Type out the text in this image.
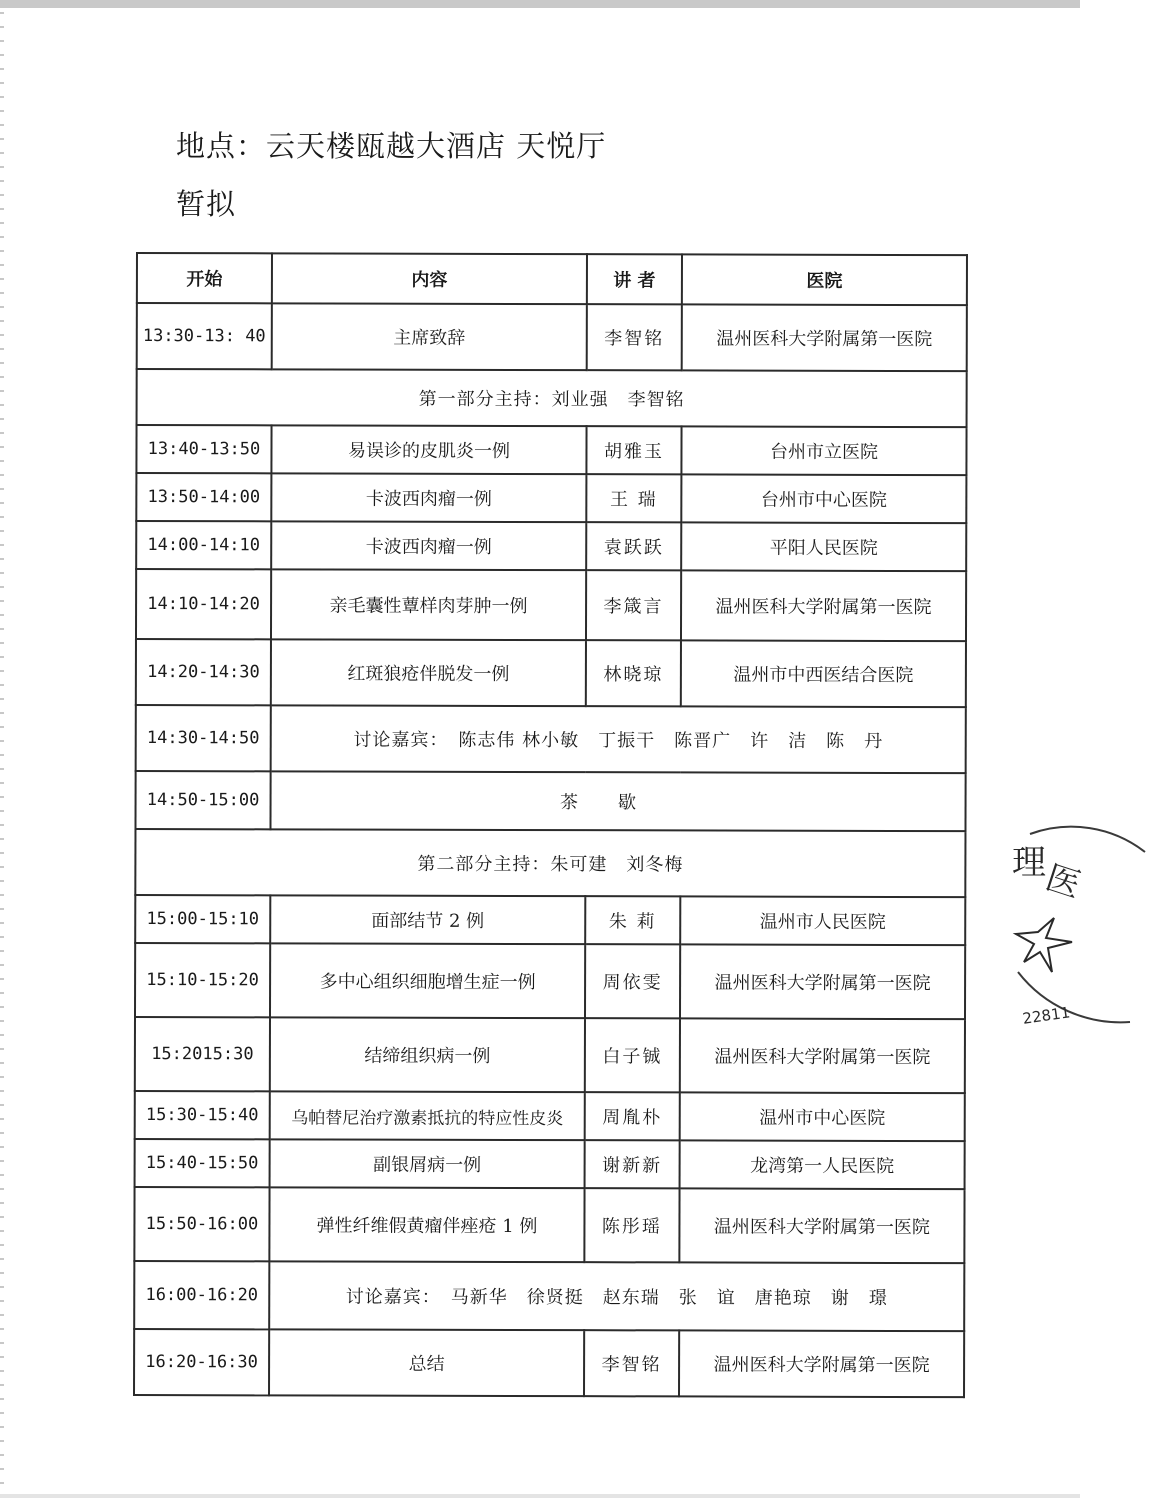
地点：云天楼瓯越大酒店 天悦厅
暂拟
开始	内容	讲 者	医院
13:30-13: 40	主席致辞	李智铭	温州医科大学附属第一医院
第一部分主持：刘业强　李智铭			
13:40-13:50	易误诊的皮肌炎一例	胡雅玉	台州市立医院
13:50-14:00	卡波西肉瘤一例	王 瑞	台州市中心医院
14:00-14:10	卡波西肉瘤一例	袁跃跃	平阳人民医院
14:10-14:20	亲毛囊性蕈样肉芽肿一例	李箴言	温州医科大学附属第一医院
14:20-14:30	红斑狼疮伴脱发一例	林晓琼	温州市中西医结合医院
14:30-14:50	讨论嘉宾：　陈志伟 林小敏　丁振干　陈晋广　许　洁　陈　丹		
14:50-15:00	茶歇		
第二部分主持：朱可建　刘冬梅			
15:00-15:10	面部结节 2 例	朱 莉	温州市人民医院
15:10-15:20	多中心组织细胞增生症一例	周依雯	温州医科大学附属第一医院
15:2015:30	结缔组织病一例	白子铖	温州医科大学附属第一医院
15:30-15:40	乌帕替尼治疗激素抵抗的特应性皮炎	周胤朴	温州市中心医院
15:40-15:50	副银屑病一例	谢新新	龙湾第一人民医院
15:50-16:00	弹性纤维假黄瘤伴痤疮 1 例	陈彤瑶	温州医科大学附属第一医院
16:00-16:20	讨论嘉宾：　马新华　徐贤挺　赵东瑞　张　谊　唐艳琼　谢　璟		
16:20-16:30	总结	李智铭	温州医科大学附属第一医院
理
医
22811
